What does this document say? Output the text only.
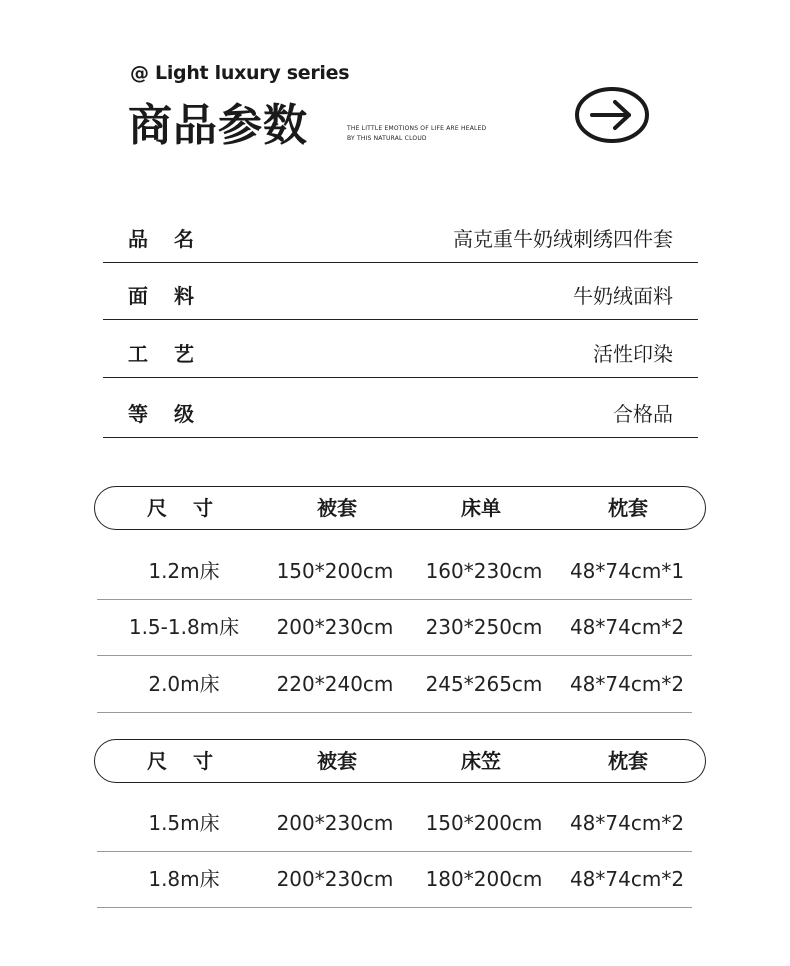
@ Light luxury series
商品参数	THE LITTLE EMOTIONS OF LIFE ARE HEALED
BY THIS NATURAL CLOUD
品 名	高克重牛奶绒刺绣四件套
面 料	牛奶绒面料
工 艺	活性印染
等 级	合格品
尺 寸	被套	床单	枕套
1.2m床	150*200cm	160*230cm	48*74cm*1
1.5-1.8m床	200*230cm	230*250cm	48*74cm*2
2.0m床	220*240cm	245*265cm	48*74cm*2
尺 寸	被套	床笠	枕套
1.5m床	200*230cm	150*200cm	48*74cm*2
1.8m床	200*230cm	180*200cm	48*74cm*2
